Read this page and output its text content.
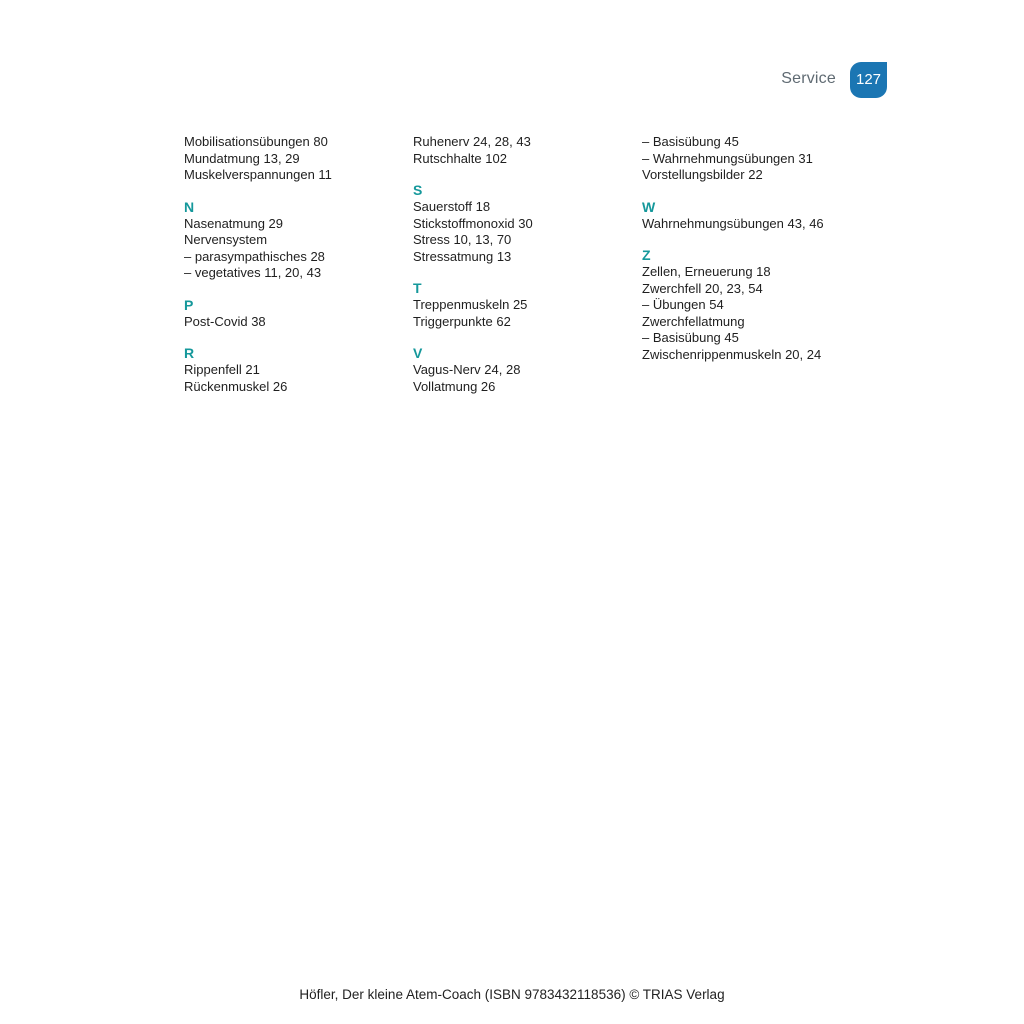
Service	127
Mobilisationsübungen 80
Mundatmung 13, 29
Muskelverspannungen 11
N
Nasenatmung 29
Nervensystem
– parasympathisches 28
– vegetatives 11, 20, 43
P
Post-Covid 38
R
Rippenfell 21
Rückenmuskel 26
Ruhenerv 24, 28, 43
Rutschhalte 102
S
Sauerstoff 18
Stickstoffmonoxid 30
Stress 10, 13, 70
Stressatmung 13
T
Treppenmuskeln 25
Triggerpunkte 62
V
Vagus-Nerv 24, 28
Vollatmung 26
– Basisübung 45
– Wahrnehmungsübungen 31
Vorstellungsbilder 22
W
Wahrnehmungsübungen 43, 46
Z
Zellen, Erneuerung 18
Zwerchfell 20, 23, 54
– Übungen 54
Zwerchfellatmung
– Basisübung 45
Zwischenrippenmuskeln 20, 24
Höfler, Der kleine Atem-Coach (ISBN 9783432118536) © TRIAS Verlag
